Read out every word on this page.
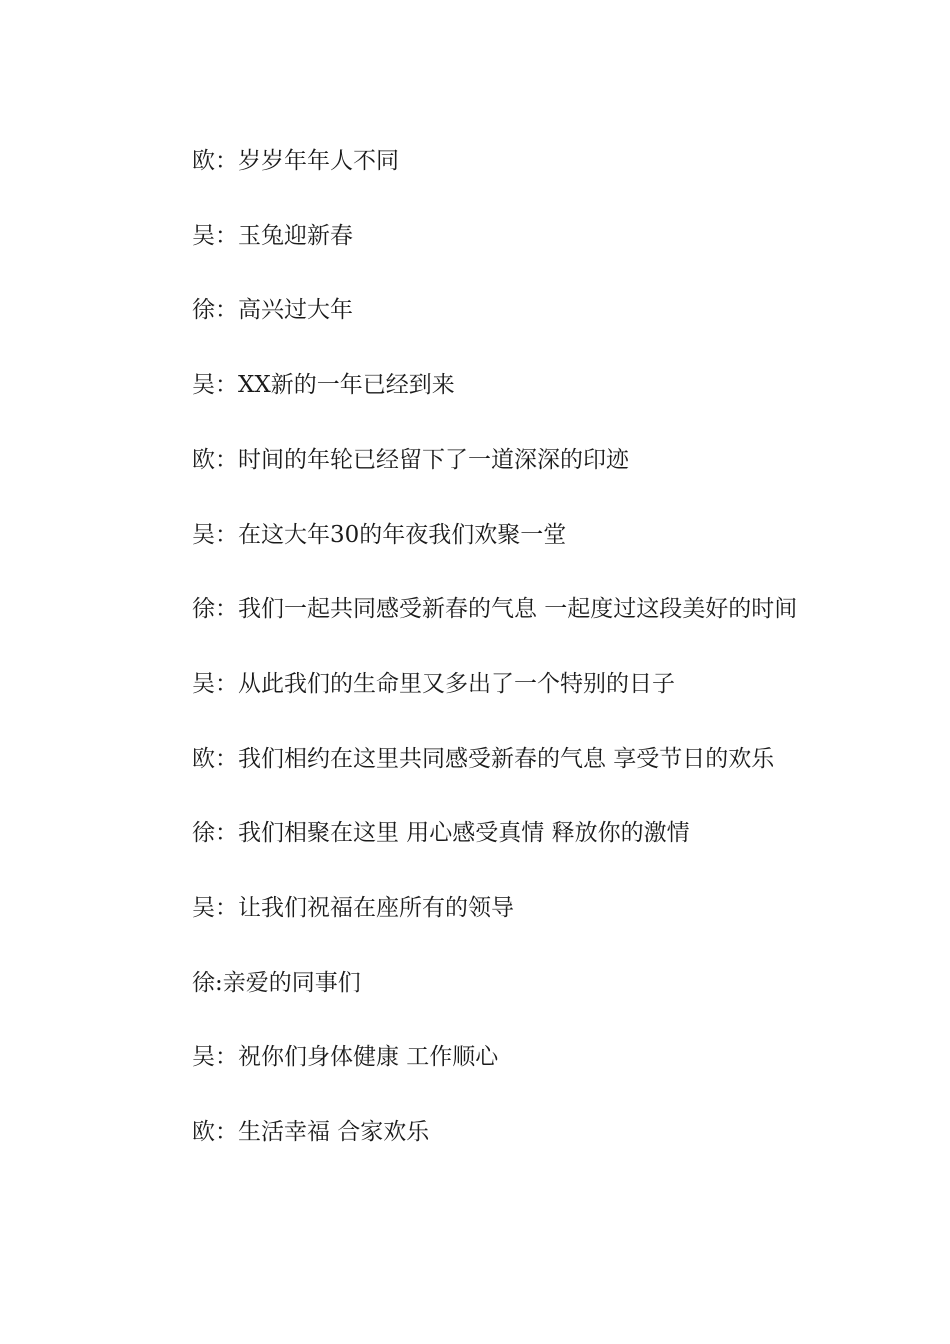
欧：岁岁年年人不同

吴：玉兔迎新春

徐：高兴过大年

吴：XX新的一年已经到来

欧：时间的年轮已经留下了一道深深的印迹

吴：在这大年30的年夜我们欢聚一堂

徐：我们一起共同感受新春的气息 一起度过这段美好的时间

吴：从此我们的生命里又多出了一个特别的日子

欧：我们相约在这里共同感受新春的气息 享受节日的欢乐

徐：我们相聚在这里 用心感受真情 释放你的激情

吴：让我们祝福在座所有的领导

徐:亲爱的同事们

吴：祝你们身体健康 工作顺心

欧：生活幸福 合家欢乐
